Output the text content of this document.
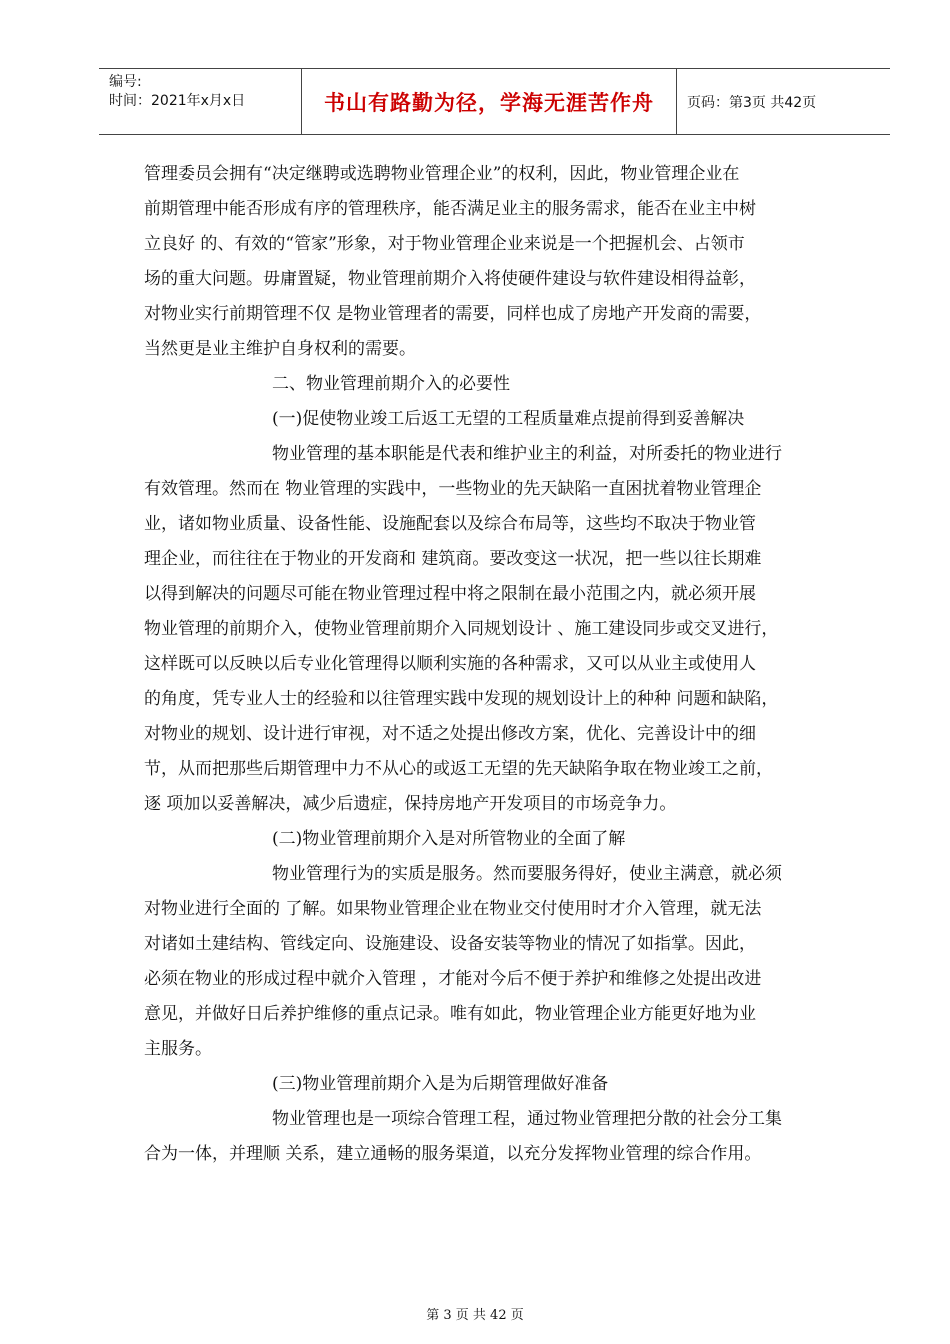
编号:
时间：2021年x月x日	书山有路勤为径，学海无涯苦作舟	页码：第3页 共42页
管理委员会拥有“决定继聘或选聘物业管理企业”的权利，因此，物业管理企业在
前期管理中能否形成有序的管理秩序，能否满足业主的服务需求，能否在业主中树
立良好 的、有效的“管家”形象，对于物业管理企业来说是一个把握机会、占领市
场的重大问题。毋庸置疑，物业管理前期介入将使硬件建设与软件建设相得益彰，
对物业实行前期管理不仅 是物业管理者的需要，同样也成了房地产开发商的需要，
当然更是业主维护自身权利的需要。
二、物业管理前期介入的必要性
(一)促使物业竣工后返工无望的工程质量难点提前得到妥善解决
物业管理的基本职能是代表和维护业主的利益，对所委托的物业进行
有效管理。然而在 物业管理的实践中，一些物业的先天缺陷一直困扰着物业管理企
业，诸如物业质量、设备性能、设施配套以及综合布局等，这些均不取决于物业管
理企业，而往往在于物业的开发商和 建筑商。要改变这一状况，把一些以往长期难
以得到解决的问题尽可能在物业管理过程中将之限制在最小范围之内，就必须开展
物业管理的前期介入，使物业管理前期介入同规划设计 、施工建设同步或交叉进行，
这样既可以反映以后专业化管理得以顺利实施的各种需求，又可以从业主或使用人
的角度，凭专业人士的经验和以往管理实践中发现的规划设计上的种种 问题和缺陷，
对物业的规划、设计进行审视，对不适之处提出修改方案，优化、完善设计中的细
节，从而把那些后期管理中力不从心的或返工无望的先天缺陷争取在物业竣工之前，
逐 项加以妥善解决，减少后遗症，保持房地产开发项目的市场竞争力。
(二)物业管理前期介入是对所管物业的全面了解
物业管理行为的实质是服务。然而要服务得好，使业主满意，就必须
对物业进行全面的 了解。如果物业管理企业在物业交付使用时才介入管理，就无法
对诸如土建结构、管线定向、设施建设、设备安装等物业的情况了如指掌。因此，
必须在物业的形成过程中就介入管理 ，才能对今后不便于养护和维修之处提出改进
意见，并做好日后养护维修的重点记录。唯有如此，物业管理企业方能更好地为业
主服务。
(三)物业管理前期介入是为后期管理做好准备
物业管理也是一项综合管理工程，通过物业管理把分散的社会分工集
合为一体，并理顺 关系，建立通畅的服务渠道，以充分发挥物业管理的综合作用。
第 3 页 共 42 页
